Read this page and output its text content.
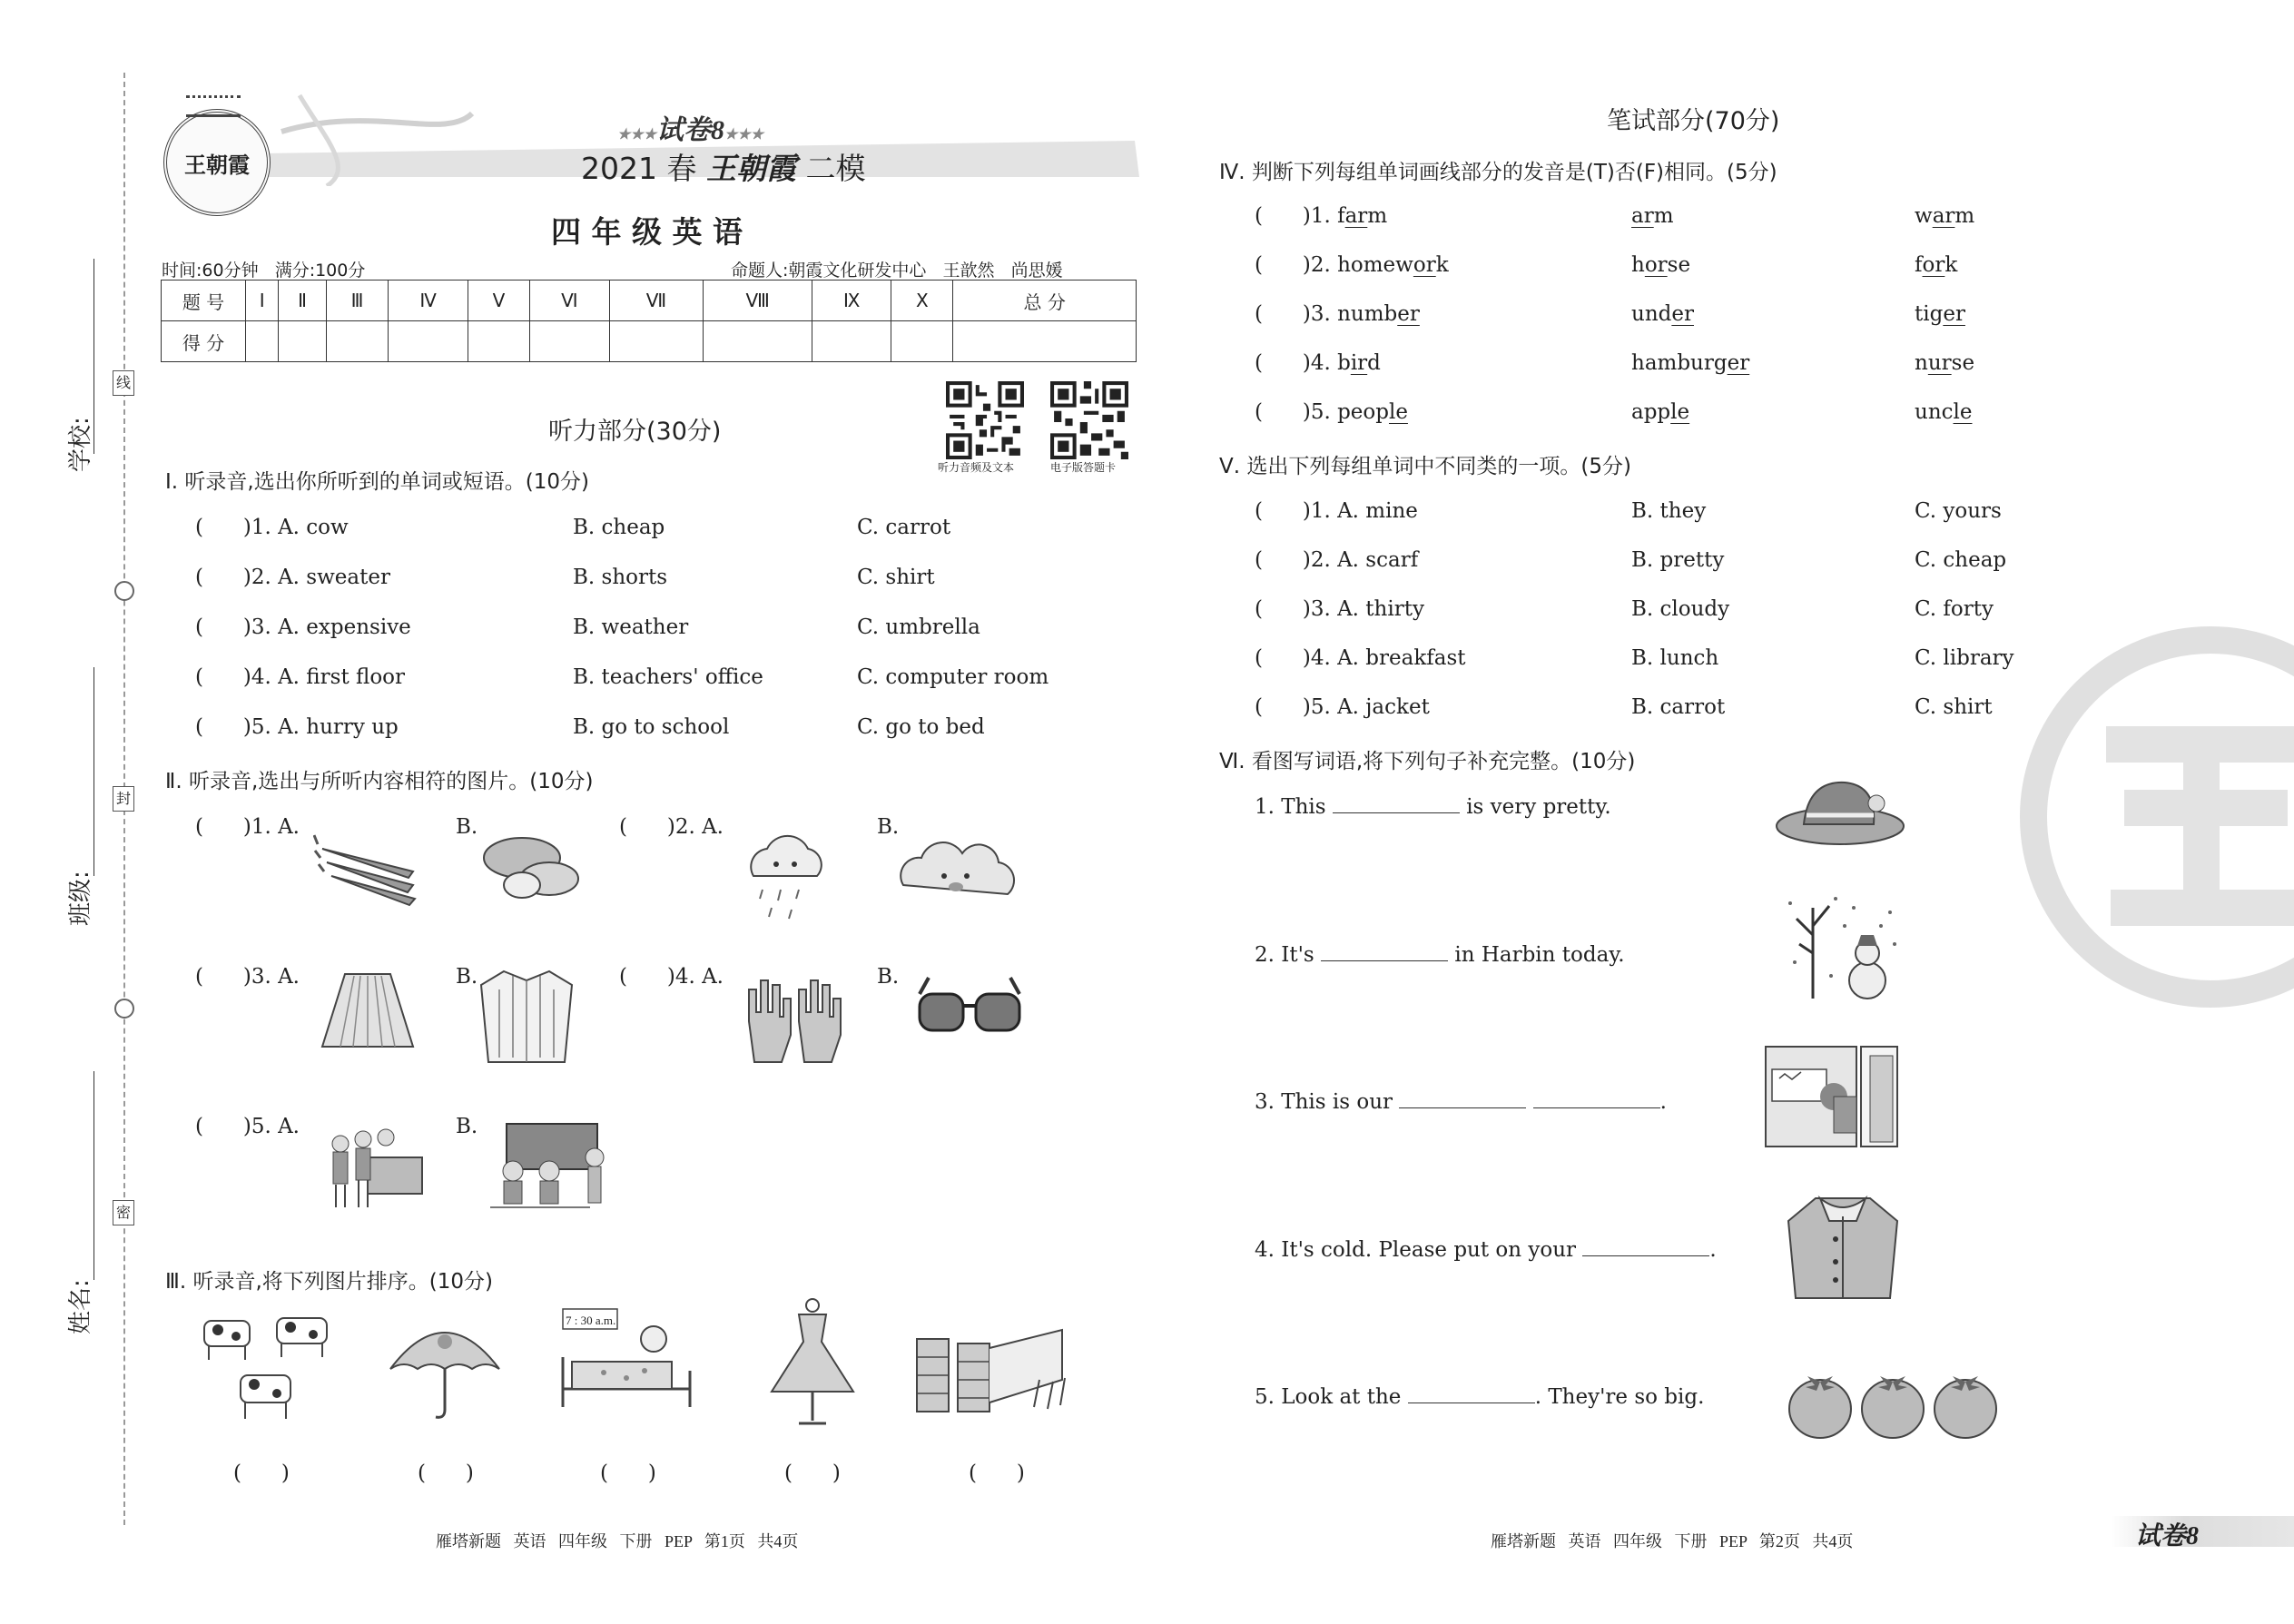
学校:
班级:
姓名:
线
封
密
王朝霞
★★★试卷8★★★
2021 春 王朝霞 二模
四 年 级 英 语
时间:60分钟   满分:100分	命题人:朝霞文化研发中心   王歆然   尚思媛
题 号	Ⅰ	Ⅱ	Ⅲ	Ⅳ	Ⅴ	Ⅵ	Ⅶ	Ⅷ	Ⅸ	Ⅹ	总 分
得 分											
听力音频及文本	电子版答题卡
听力部分(30分)
Ⅰ. 听录音,选出你所听到的单词或短语。(10分)
(      )1. A. cow	B. cheap	C. carrot
(      )2. A. sweater	B. shorts	C. shirt
(      )3. A. expensive	B. weather	C. umbrella
(      )4. A. first floor	B. teachers' office	C. computer room
(      )5. A. hurry up	B. go to school	C. go to bed
Ⅱ. 听录音,选出与所听内容相符的图片。(10分)
(      )1. A.	B.	(      )2. A.	B.
(      )3. A.	B.	(      )4. A.	B.
(      )5. A.	B.
Ⅲ. 听录音,将下列图片排序。(10分)
7 : 30 a.m.
(      )	(      )	(      )	(      )	(      )
雁塔新题   英语   四年级   下册   PEP   第1页   共4页
笔试部分(70分)
Ⅳ. 判断下列每组单词画线部分的发音是(T)否(F)相同。(5分)
(      )1. farm	arm	warm
(      )2. homework	horse	fork
(      )3. number	under	tiger
(      )4. bird	hamburger	nurse
(      )5. people	apple	uncle
Ⅴ. 选出下列每组单词中不同类的一项。(5分)
(      )1. A. mine	B. they	C. yours
(      )2. A. scarf	B. pretty	C. cheap
(      )3. A. thirty	B. cloudy	C. forty
(      )4. A. breakfast	B. lunch	C. library
(      )5. A. jacket	B. carrot	C. shirt
Ⅵ. 看图写词语,将下列句子补充完整。(10分)
1. This	is very pretty.
2. It's	in Harbin today.
3. This is our	.
4. It's cold. Please put on your	.
5. Look at the	. They're so big.
雁塔新题   英语   四年级   下册   PEP   第2页   共4页	试卷8
